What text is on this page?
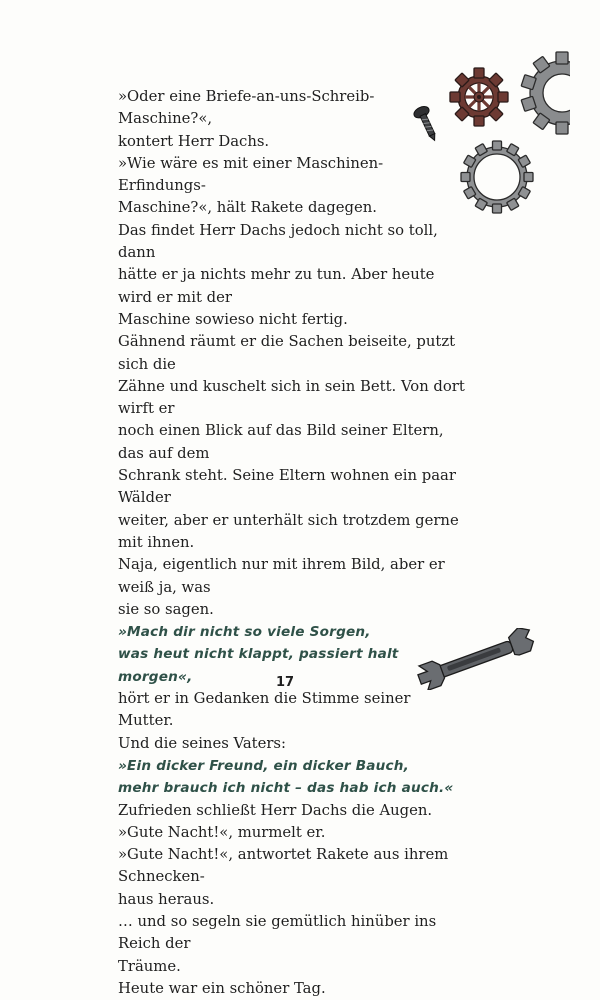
»Oder eine Briefe-an-uns-Schreib-Maschine?«,
kontert Herr Dachs.
»Wie wäre es mit einer Maschinen-Erfindungs-
Maschine?«, hält Rakete dagegen.
Das findet Herr Dachs jedoch nicht so toll, dann
hätte er ja nichts mehr zu tun. Aber heute wird er mit der
Maschine sowieso nicht fertig.
Gähnend räumt er die Sachen beiseite, putzt sich die
Zähne und kuschelt sich in sein Bett. Von dort wirft er
noch einen Blick auf das Bild seiner Eltern, das auf dem
Schrank steht. Seine Eltern wohnen ein paar Wälder
weiter, aber er unterhält sich trotzdem gerne mit ihnen.
Naja, eigentlich nur mit ihrem Bild, aber er weiß ja, was
sie so sagen.
»Mach dir nicht so viele Sorgen,
was heut nicht klappt, passiert halt morgen«,
hört er in Gedanken die Stimme seiner Mutter.
Und die seines Vaters:
»Ein dicker Freund, ein dicker Bauch,
mehr brauch ich nicht – das hab ich auch.«
Zufrieden schließt Herr Dachs die Augen.
»Gute Nacht!«, murmelt er.
»Gute Nacht!«, antwortet Rakete aus ihrem Schnecken-
haus heraus.
… und so segeln sie gemütlich hinüber ins Reich der
Träume.
Heute war ein schöner Tag.
17
